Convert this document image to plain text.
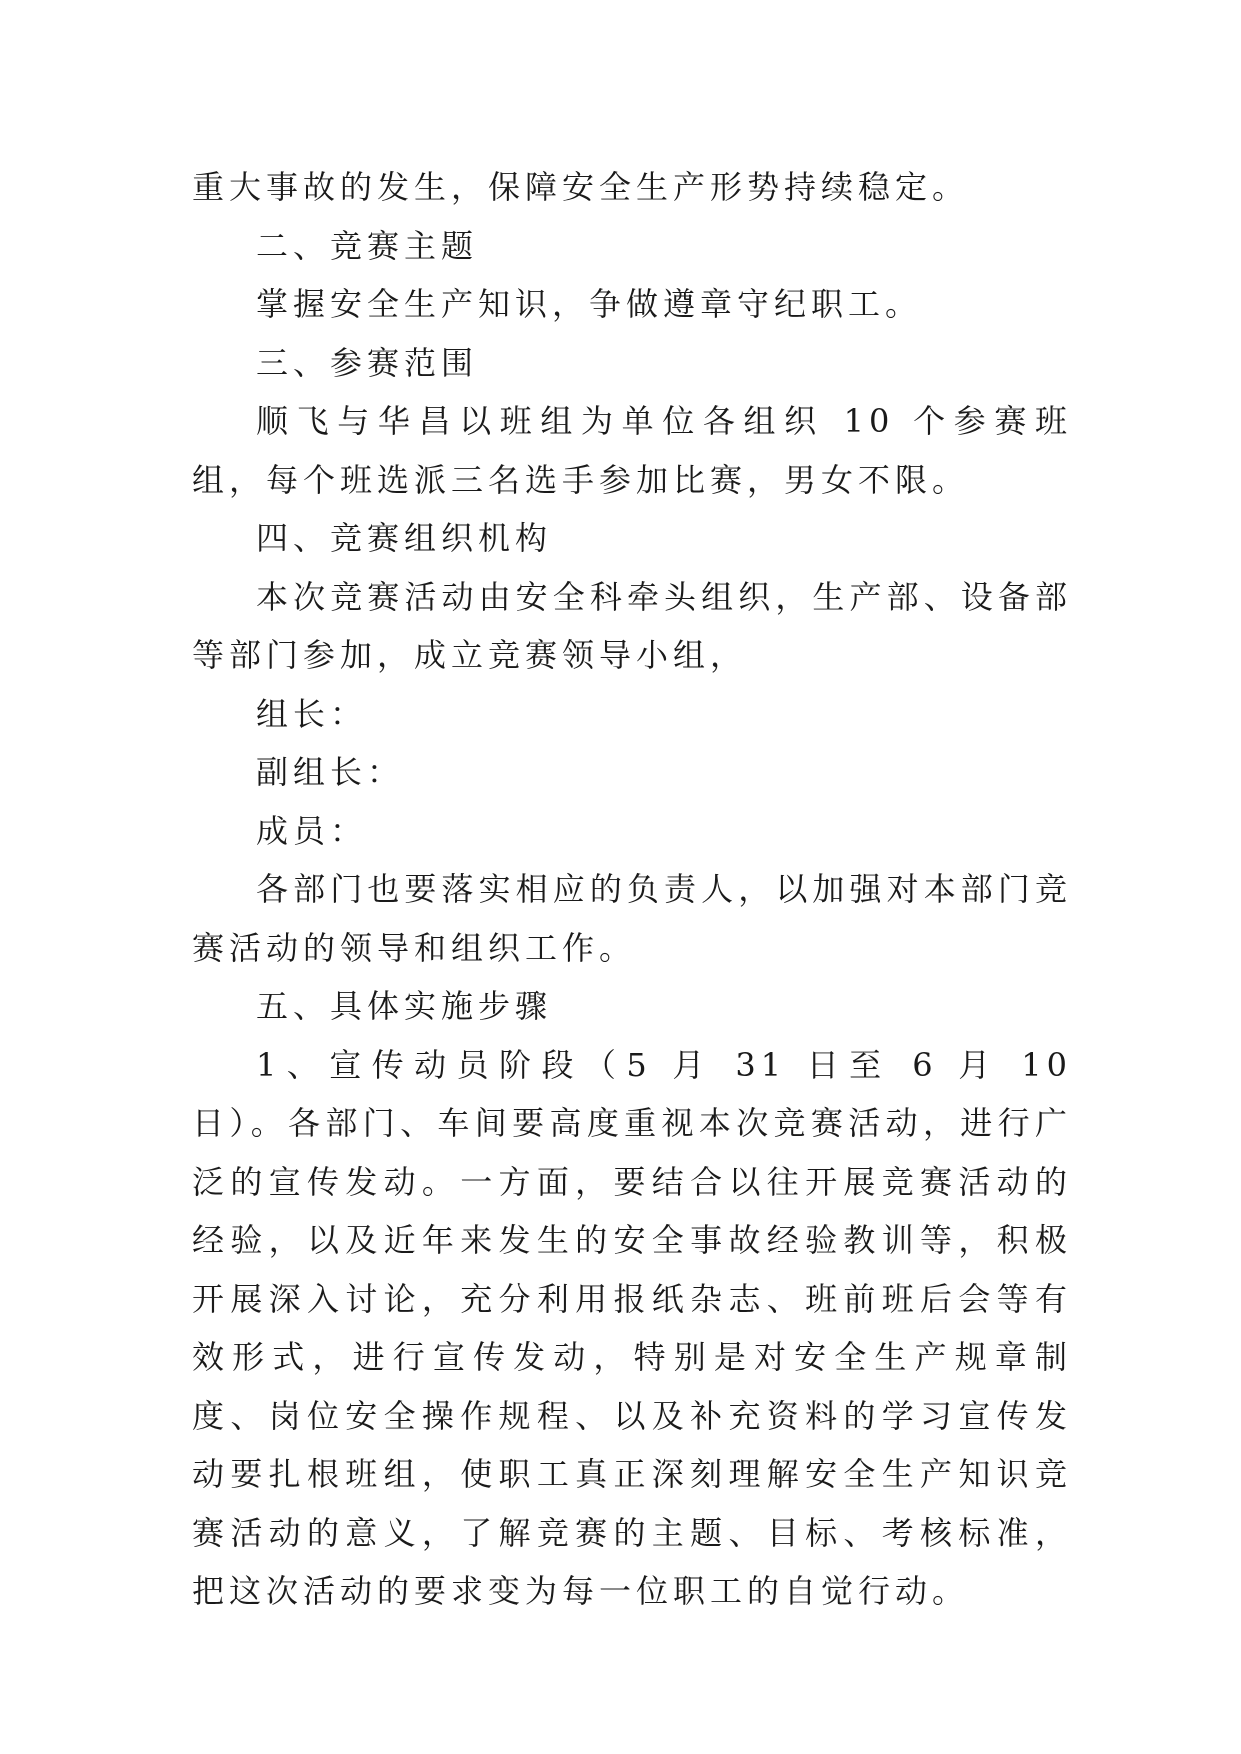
重大事故的发生，保障安全生产形势持续稳定。

二、竞赛主题

掌握安全生产知识，争做遵章守纪职工。

三、参赛范围

顺飞与华昌以班组为单位各组织 10 个参赛班组，每个班选派三名选手参加比赛，男女不限。

四、竞赛组织机构

本次竞赛活动由安全科牵头组织，生产部、设备部等部门参加，成立竞赛领导小组，

组长：

副组长：

成员：

各部门也要落实相应的负责人，以加强对本部门竞赛活动的领导和组织工作。

五、具体实施步骤

1、宣传动员阶段（5 月 31 日至 6 月 10 日）。各部门、车间要高度重视本次竞赛活动，进行广泛的宣传发动。一方面，要结合以往开展竞赛活动的经验，以及近年来发生的安全事故经验教训等，积极开展深入讨论，充分利用报纸杂志、班前班后会等有效形式，进行宣传发动，特别是对安全生产规章制度、岗位安全操作规程、以及补充资料的学习宣传发动要扎根班组，使职工真正深刻理解安全生产知识竞赛活动的意义，了解竞赛的主题、目标、考核标准，把这次活动的要求变为每一位职工的自觉行动。
